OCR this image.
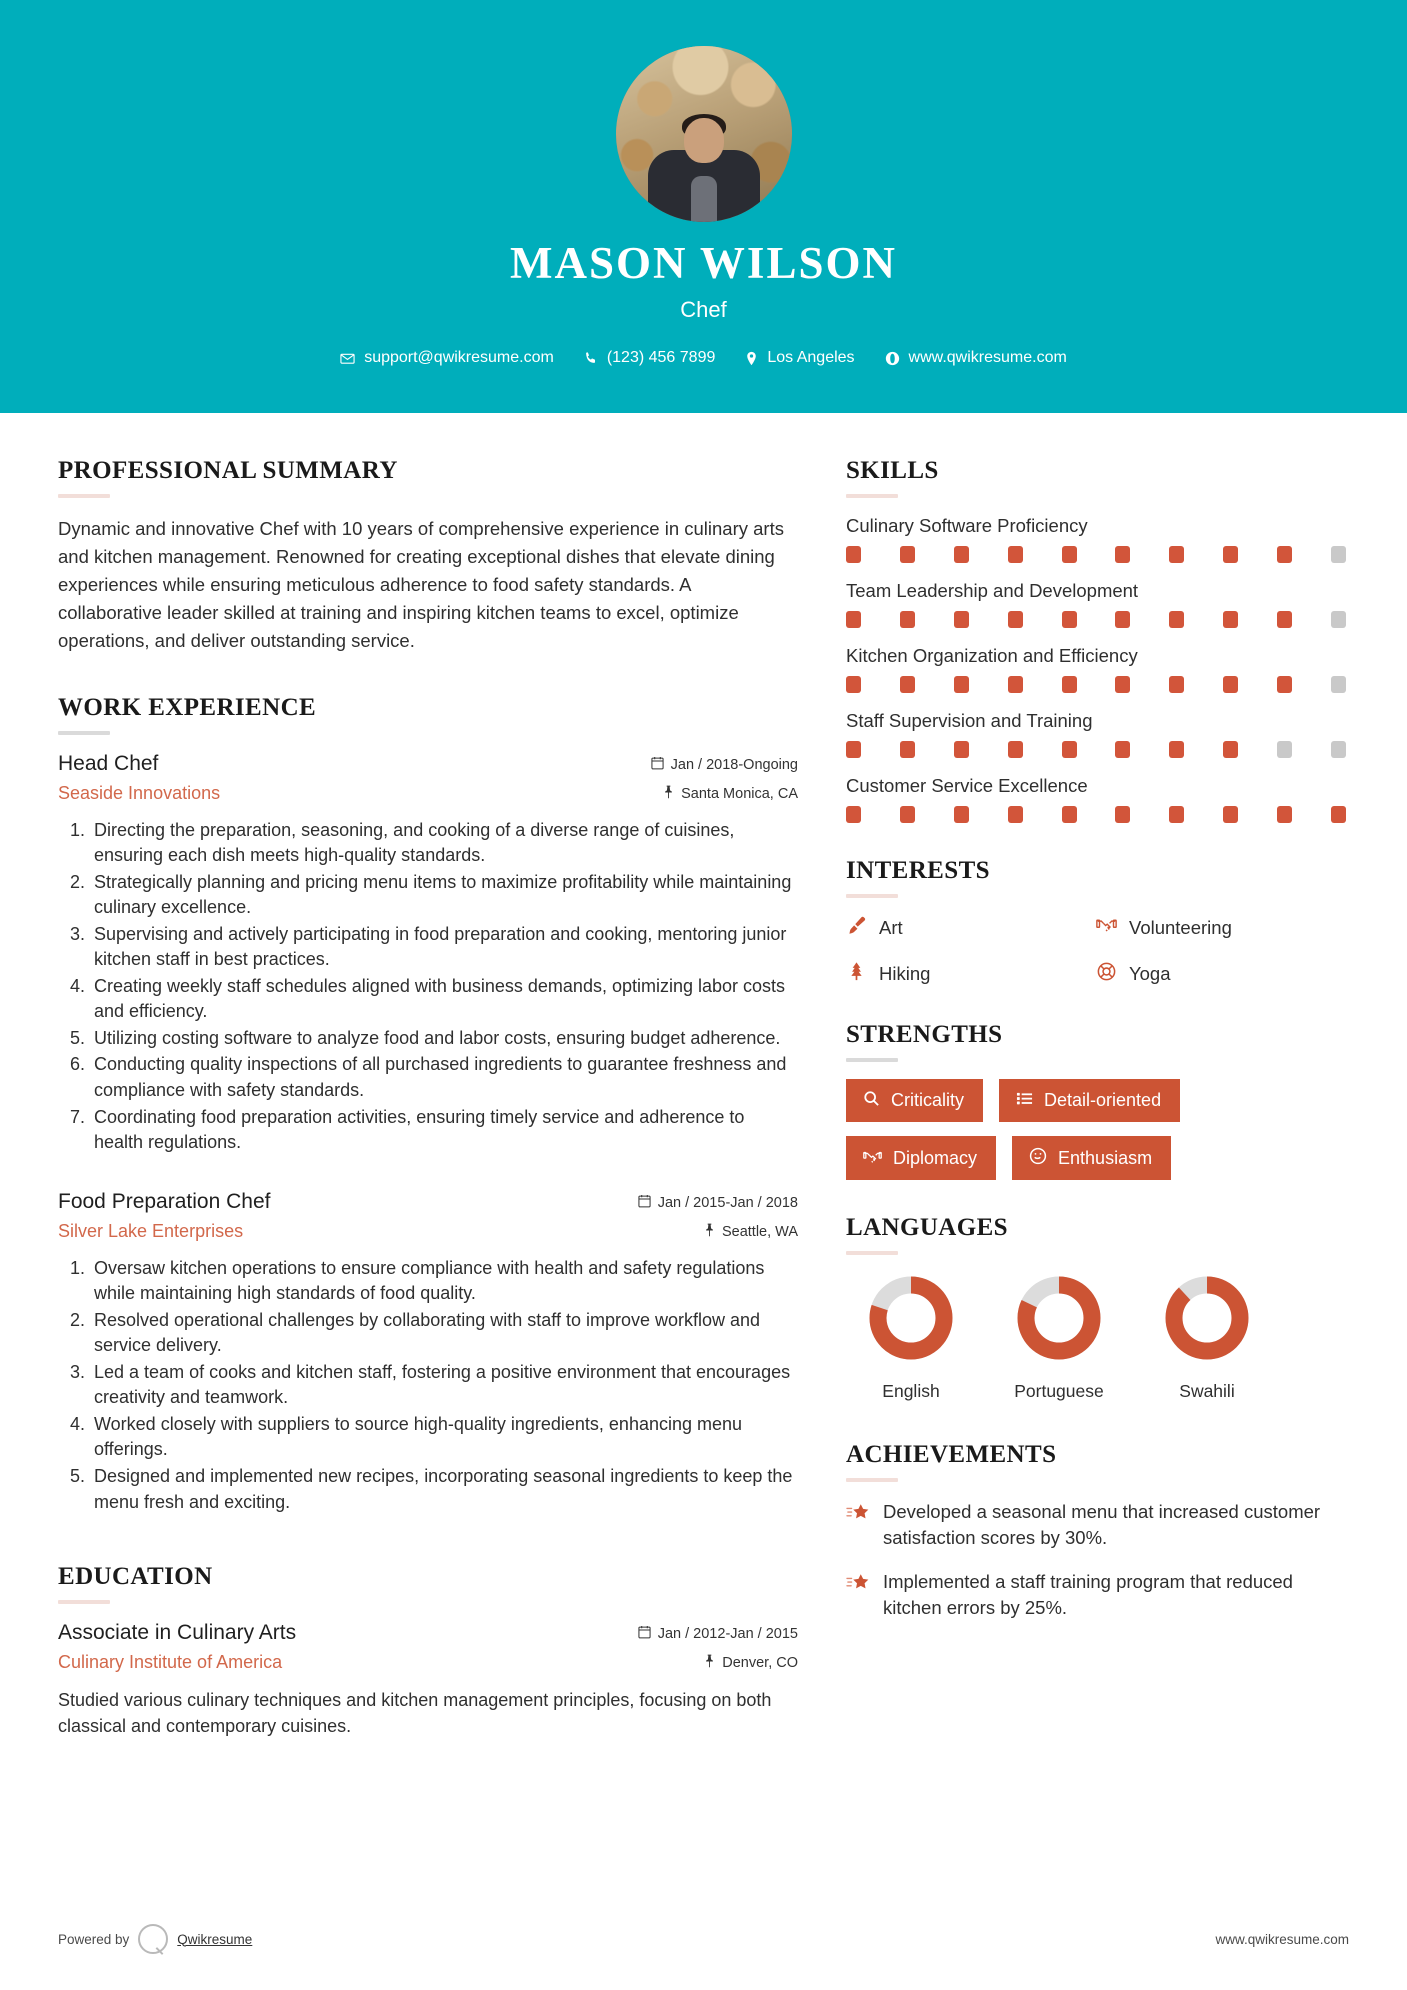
MASON WILSON
Chef
support@qwikresume.com	(123) 456 7899	Los Angeles	www.qwikresume.com
PROFESSIONAL SUMMARY

Dynamic and innovative Chef with 10 years of comprehensive experience in culinary arts and kitchen management. Renowned for creating exceptional dishes that elevate dining experiences while ensuring meticulous adherence to food safety standards. A collaborative leader skilled at training and inspiring kitchen teams to excel, optimize operations, and deliver outstanding service.

WORK EXPERIENCE
Head Chef	Jan / 2018-Ongoing
Seaside Innovations	Santa Monica, CA
1. Directing the preparation, seasoning, and cooking of a diverse range of cuisines, ensuring each dish meets high-quality standards.
2. Strategically planning and pricing menu items to maximize profitability while maintaining culinary excellence.
3. Supervising and actively participating in food preparation and cooking, mentoring junior kitchen staff in best practices.
4. Creating weekly staff schedules aligned with business demands, optimizing labor costs and efficiency.
5. Utilizing costing software to analyze food and labor costs, ensuring budget adherence.
6. Conducting quality inspections of all purchased ingredients to guarantee freshness and compliance with safety standards.
7. Coordinating food preparation activities, ensuring timely service and adherence to health regulations.
Food Preparation Chef	Jan / 2015-Jan / 2018
Silver Lake Enterprises	Seattle, WA
1. Oversaw kitchen operations to ensure compliance with health and safety regulations while maintaining high standards of food quality.
2. Resolved operational challenges by collaborating with staff to improve workflow and service delivery.
3. Led a team of cooks and kitchen staff, fostering a positive environment that encourages creativity and teamwork.
4. Worked closely with suppliers to source high-quality ingredients, enhancing menu offerings.
5. Designed and implemented new recipes, incorporating seasonal ingredients to keep the menu fresh and exciting.
EDUCATION
Associate in Culinary Arts	Jan / 2012-Jan / 2015
Culinary Institute of America	Denver, CO

Studied various culinary techniques and kitchen management principles, focusing on both classical and contemporary cuisines.

SKILLS
Culinary Software Proficiency
Team Leadership and Development
Kitchen Organization and Efficiency
Staff Supervision and Training
Customer Service Excellence
INTERESTS
Art	Volunteering
Hiking	Yoga
STRENGTHS
Criticality	Detail-oriented
Diplomacy	Enthusiasm
LANGUAGES
English	Portuguese	Swahili
ACHIEVEMENTS
Developed a seasonal menu that increased customer satisfaction scores by 30%.
Implemented a staff training program that reduced kitchen errors by 25%.
Powered by	Qwikresume	www.qwikresume.com
